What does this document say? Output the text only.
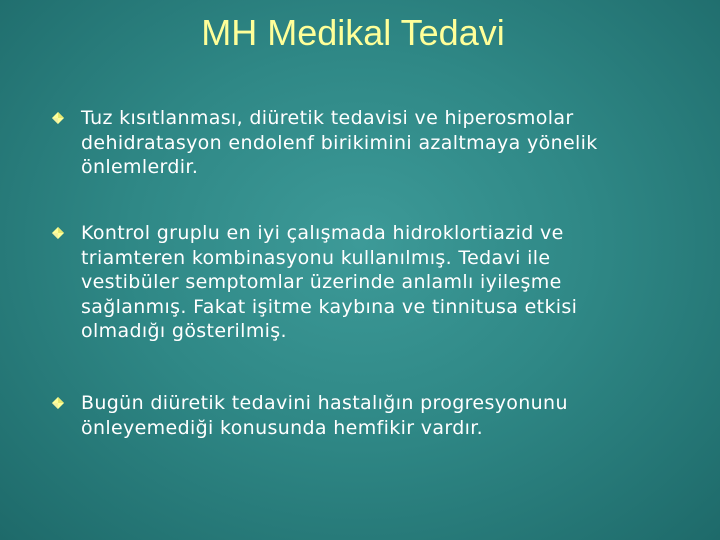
MH Medikal Tedavi
Tuz kısıtlanması, diüretik tedavisi ve hiperosmolar
dehidratasyon endolenf birikimini azaltmaya yönelik
önlemlerdir.
Kontrol gruplu en iyi çalışmada hidroklortiazid ve
triamteren kombinasyonu kullanılmış. Tedavi ile
vestibüler semptomlar üzerinde anlamlı iyileşme
sağlanmış. Fakat işitme kaybına ve tinnitusa etkisi
olmadığı gösterilmiş.
Bugün diüretik tedavini hastalığın progresyonunu
önleyemediği konusunda hemfikir vardır.
